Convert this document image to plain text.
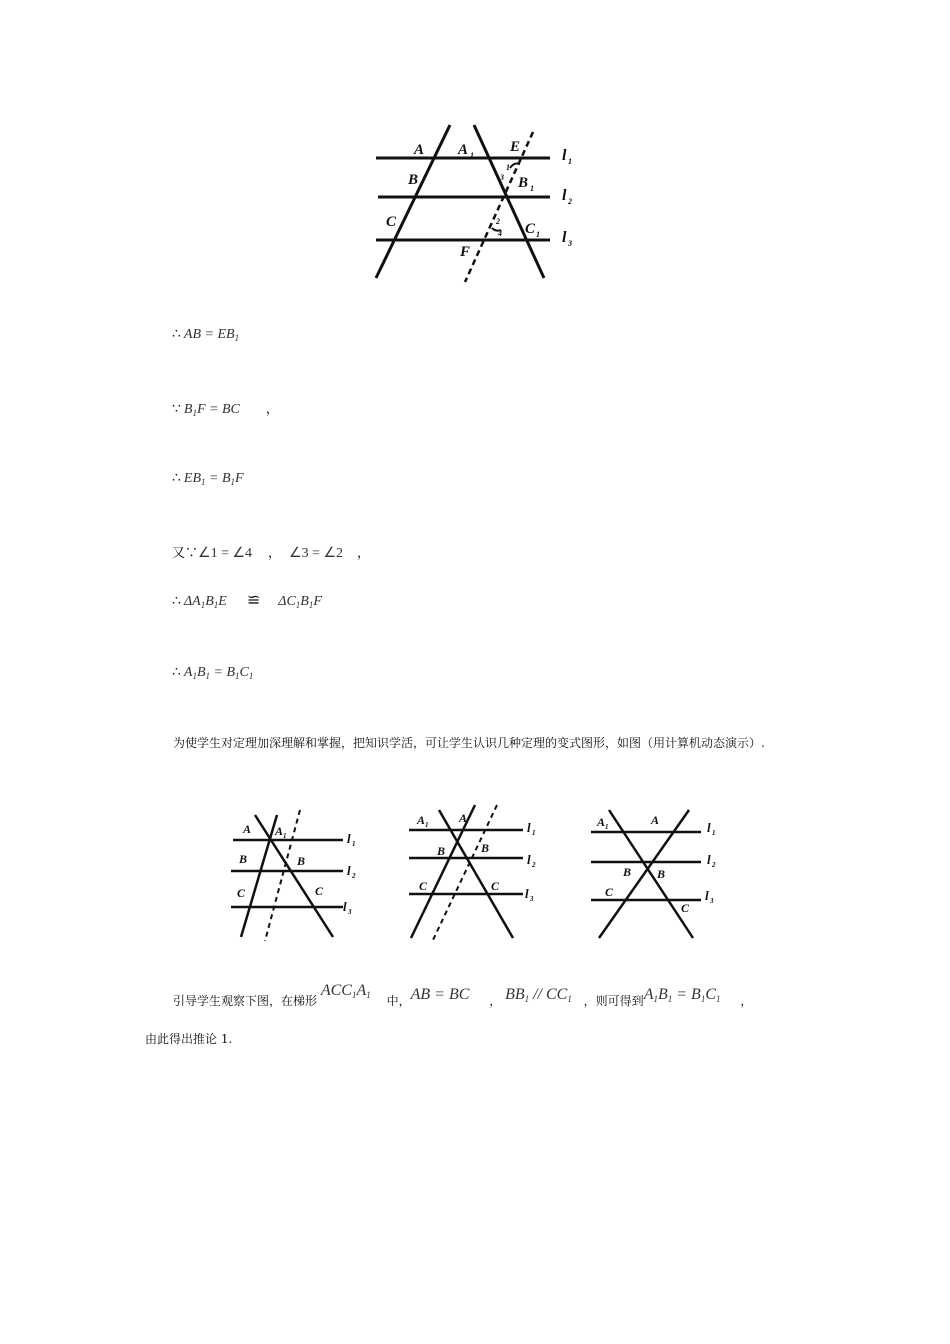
A A 1
E	l 1
B	B 1 l 2
C	C 1 l 3
F
1
2
3
4
∴ AB = $EB_1$
∵ $B_1F$ = BC ，
∴ $EB_1 = B_1F$
又∵∠1 = ∠4 ， ∠3 = ∠2 ，
∴ $\Delta A_1B_1E$ ≌ $\Delta C_1B_1F$
∴ $A_1B_1 = B_1C_1$
为使学生对定理加深理解和掌握，把知识学活，可让学生认识几种定理的变式图形，如图（用计算机动态演示）.
A A 1
B	B
C	C
l 1
l 2
l 3
A 1	A
B	B
C	C
l 1
l 2
l 3
A 1	A
B B
C
C
l 1
l 2
l 3
引导学生观察下图，在梯形 $ACC_1A_1$ 中，AB = BC ， $BB_1 // CC_1$ ，则可得到$A_1B_1 = B_1C_1$ ，
由此得出推论 1.
